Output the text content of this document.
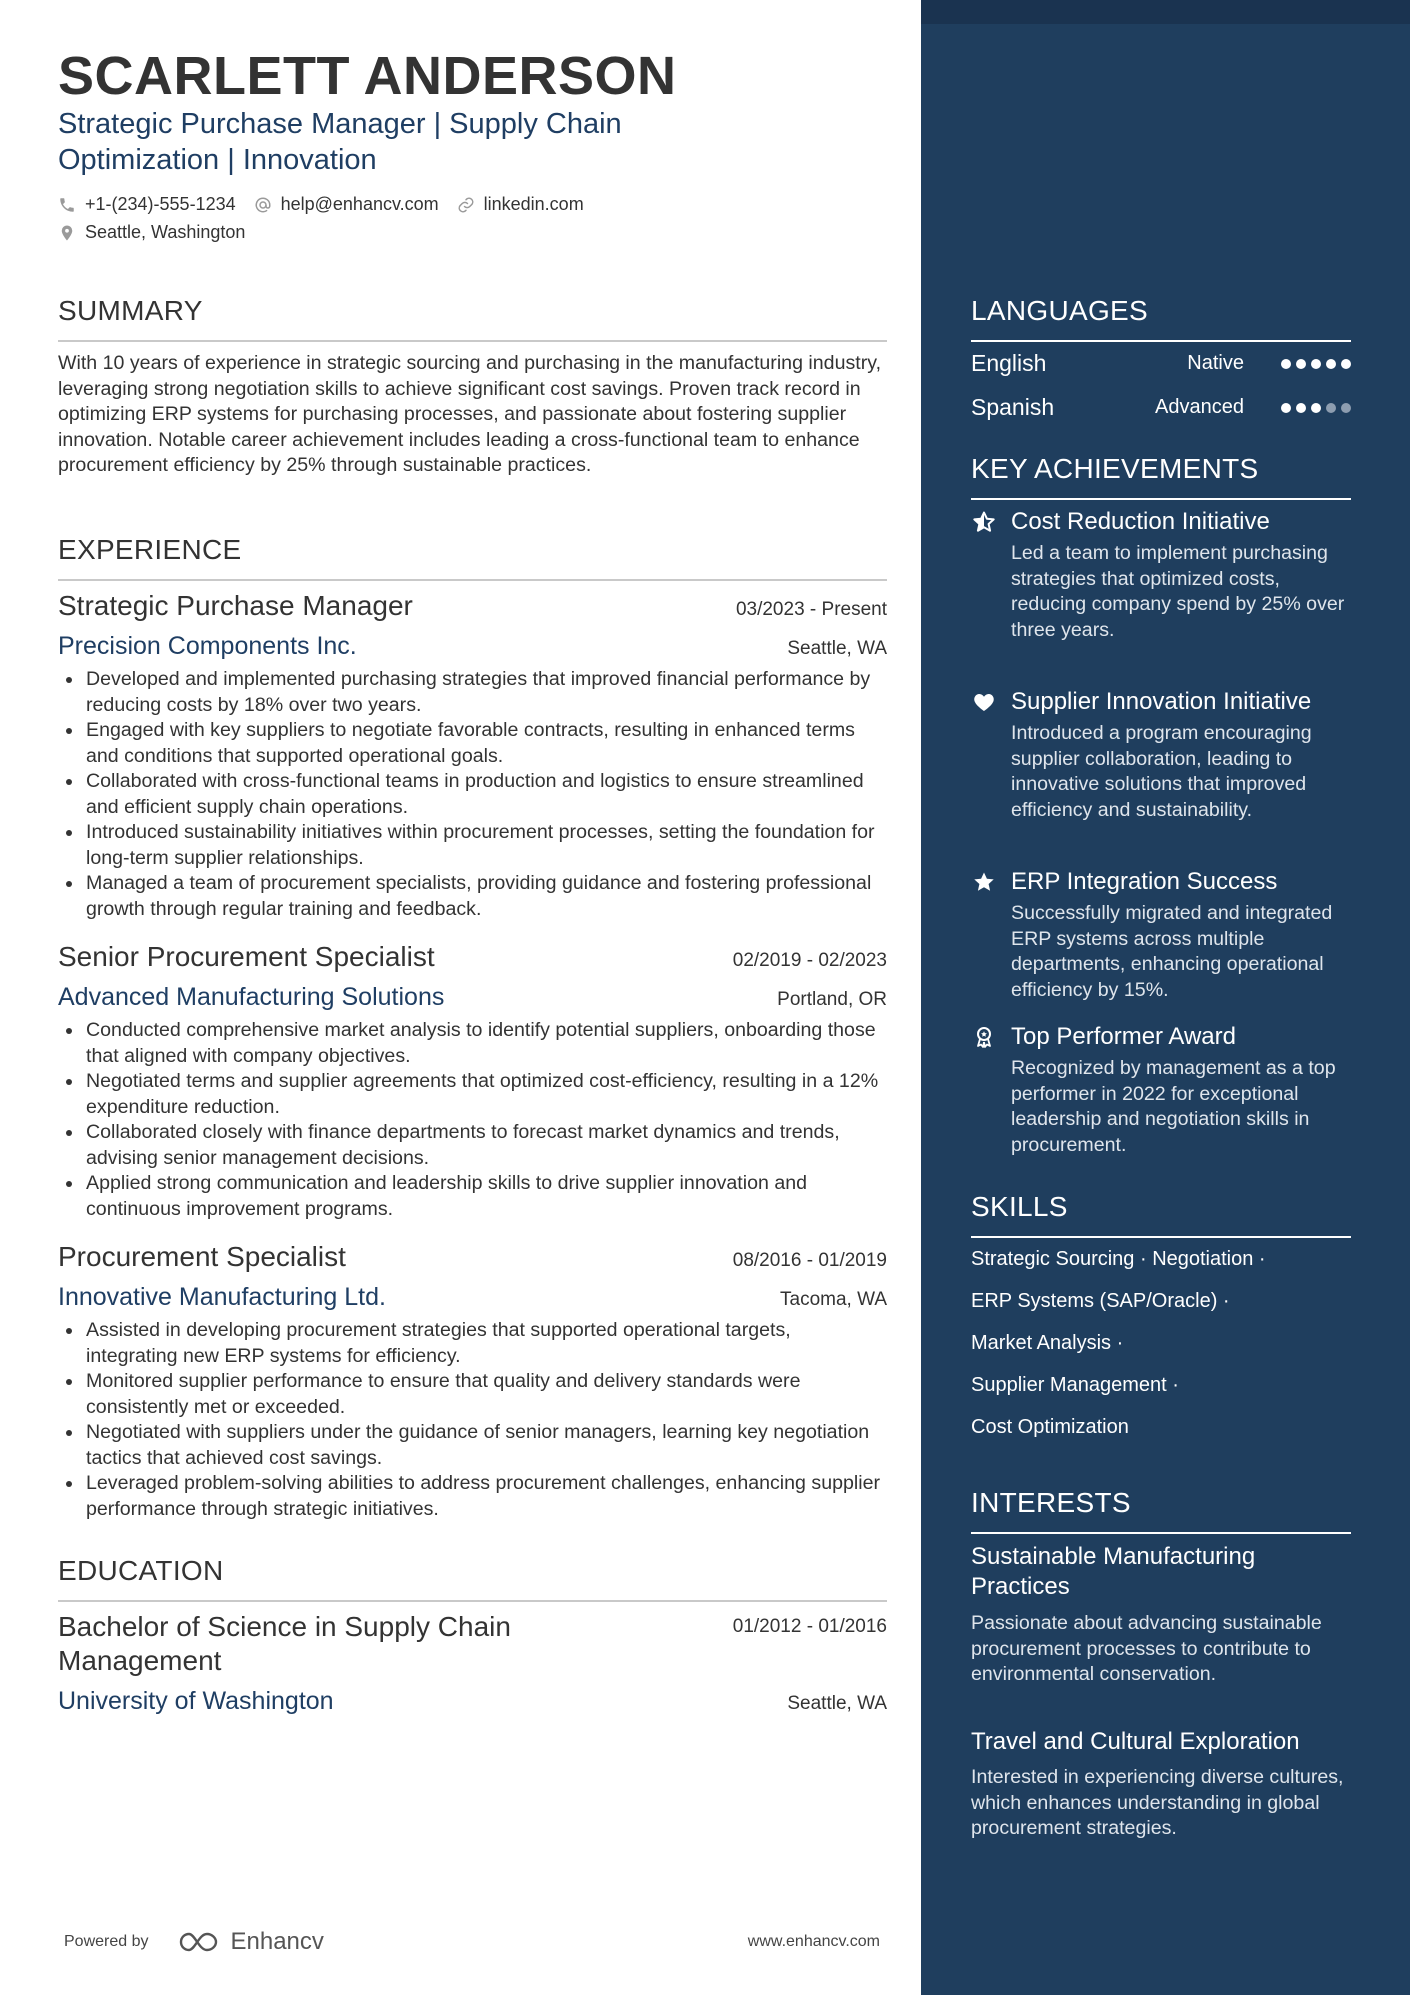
SCARLETT ANDERSON
Strategic Purchase Manager | Supply Chain
Optimization | Innovation
+1-(234)-555-1234	help@enhancv.com	linkedin.com
Seattle, Washington
SUMMARY
With 10 years of experience in strategic sourcing and purchasing in the manufacturing industry, leveraging strong negotiation skills to achieve significant cost savings. Proven track record in optimizing ERP systems for purchasing processes, and passionate about fostering supplier innovation. Notable career achievement includes leading a cross-functional team to enhance procurement efficiency by 25% through sustainable practices.
EXPERIENCE
Strategic Purchase Manager	03/2023 - Present
Precision Components Inc.	Seattle, WA
Developed and implemented purchasing strategies that improved financial performance by reducing costs by 18% over two years.
Engaged with key suppliers to negotiate favorable contracts, resulting in enhanced terms and conditions that supported operational goals.
Collaborated with cross-functional teams in production and logistics to ensure streamlined and efficient supply chain operations.
Introduced sustainability initiatives within procurement processes, setting the foundation for long-term supplier relationships.
Managed a team of procurement specialists, providing guidance and fostering professional growth through regular training and feedback.
Senior Procurement Specialist	02/2019 - 02/2023
Advanced Manufacturing Solutions	Portland, OR
Conducted comprehensive market analysis to identify potential suppliers, onboarding those that aligned with company objectives.
Negotiated terms and supplier agreements that optimized cost-efficiency, resulting in a 12% expenditure reduction.
Collaborated closely with finance departments to forecast market dynamics and trends, advising senior management decisions.
Applied strong communication and leadership skills to drive supplier innovation and continuous improvement programs.
Procurement Specialist	08/2016 - 01/2019
Innovative Manufacturing Ltd.	Tacoma, WA
Assisted in developing procurement strategies that supported operational targets, integrating new ERP systems for efficiency.
Monitored supplier performance to ensure that quality and delivery standards were consistently met or exceeded.
Negotiated with suppliers under the guidance of senior managers, learning key negotiation tactics that achieved cost savings.
Leveraged problem-solving abilities to address procurement challenges, enhancing supplier performance through strategic initiatives.
EDUCATION
Bachelor of Science in Supply Chain
Management
01/2012 - 01/2016
University of Washington	Seattle, WA
Powered by	Enhancv	www.enhancv.com
LANGUAGES
English	Native
Spanish	Advanced
KEY ACHIEVEMENTS
Cost Reduction Initiative
Led a team to implement purchasing strategies that optimized costs, reducing company spend by 25% over three years.
Supplier Innovation Initiative
Introduced a program encouraging supplier collaboration, leading to innovative solutions that improved efficiency and sustainability.
ERP Integration Success
Successfully migrated and integrated ERP systems across multiple departments, enhancing operational efficiency by 15%.
Top Performer Award
Recognized by management as a top performer in 2022 for exceptional leadership and negotiation skills in procurement.
SKILLS
Strategic Sourcing · Negotiation ·
ERP Systems (SAP/Oracle) ·
Market Analysis ·
Supplier Management ·
Cost Optimization
INTERESTS
Sustainable Manufacturing
Practices
Passionate about advancing sustainable procurement processes to contribute to environmental conservation.
Travel and Cultural Exploration
Interested in experiencing diverse cultures, which enhances understanding in global procurement strategies.
